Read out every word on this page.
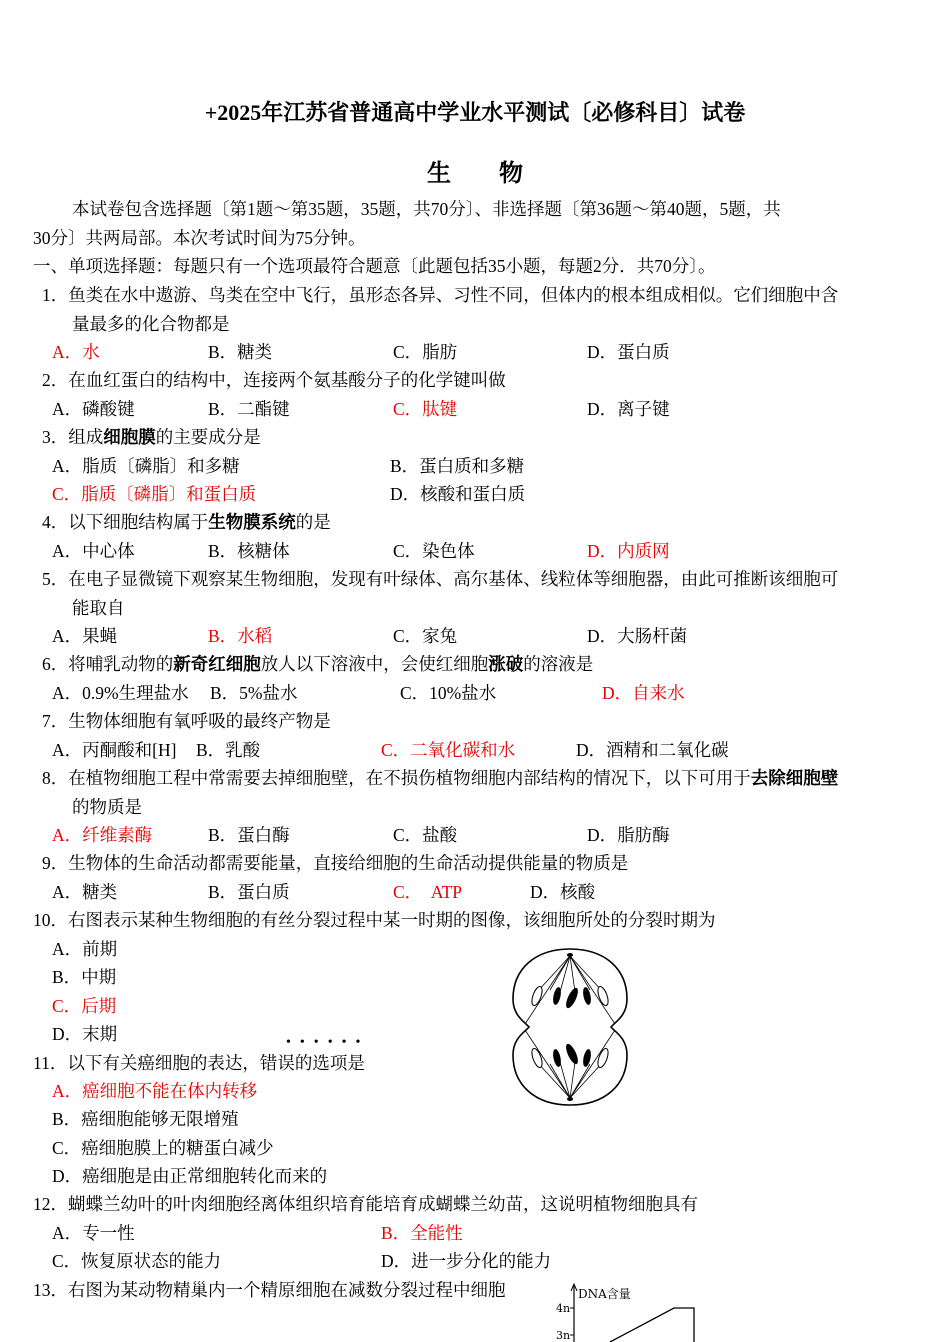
+2025年江苏省普通高中学业水平测试〔必修科目〕试卷
生　　物
本试卷包含选择题〔第1题～第35题，35题，共70分〕、非选择题〔第36题～第40题，5题，共
30分〕共两局部。本次考试时间为75分钟。
一、单项选择题：每题只有一个选项最符合题意〔此题包括35小题，每题2分．共70分〕。
1．鱼类在水中遨游、鸟类在空中飞行，虽形态各异、习性不同，但体内的根本组成相似。它们细胞中含
量最多的化合物都是
A．水	B．糖类	C．脂肪	D．蛋白质
2．在血红蛋白的结构中，连接两个氨基酸分子的化学键叫做
A．磷酸键	B．二酯键	C．肽键	D．离子键
3．组成细胞膜的主要成分是
A．脂质〔磷脂〕和多糖	B．蛋白质和多糖
C．脂质〔磷脂〕和蛋白质	D．核酸和蛋白质
4．以下细胞结构属于生物膜系统的是
A．中心体	B．核糖体	C．染色体	D．内质网
5．在电子显微镜下观察某生物细胞，发现有叶绿体、高尔基体、线粒体等细胞器，由此可推断该细胞可
能取自
A．果蝇	B．水稻	C．家兔	D．大肠杆菌
6．将哺乳动物的新奇红细胞放人以下溶液中，会使红细胞涨破的溶液是
A．0.9%生理盐水 B．5%盐水	C．10%盐水	D．自来水
7．生物体细胞有氧呼吸的最终产物是
A．丙酮酸和[H] B．乳酸	C．二氧化碳和水	D．酒精和二氧化碳
8．在植物细胞工程中常需要去掉细胞壁，在不损伤植物细胞内部结构的情况下，以下可用于去除细胞壁
的物质是
A．纤维素酶	B．蛋白酶	C．盐酸	D．脂肪酶
9．生物体的生命活动都需要能量，直接给细胞的生命活动提供能量的物质是
A．糖类	B．蛋白质	C．　ATP	D．核酸
10．右图表示某种生物细胞的有丝分裂过程中某一时期的图像，该细胞所处的分裂时期为
A．前期
B．中期
C．后期
D．末期	••••••
11．以下有关癌细胞的表达，错误的选项是
A．癌细胞不能在体内转移
B．癌细胞能够无限增殖
C．癌细胞膜上的糖蛋白减少
D．癌细胞是由正常细胞转化而来的
12．蝴蝶兰幼叶的叶肉细胞经离体组织培育能培育成蝴蝶兰幼苗，这说明植物细胞具有
A．专一性	B．全能性
C．恢复原状态的能力	D．进一步分化的能力
13．右图为某动物精巢内一个精原细胞在减数分裂过程中细胞	DNA含量
4n
3n
